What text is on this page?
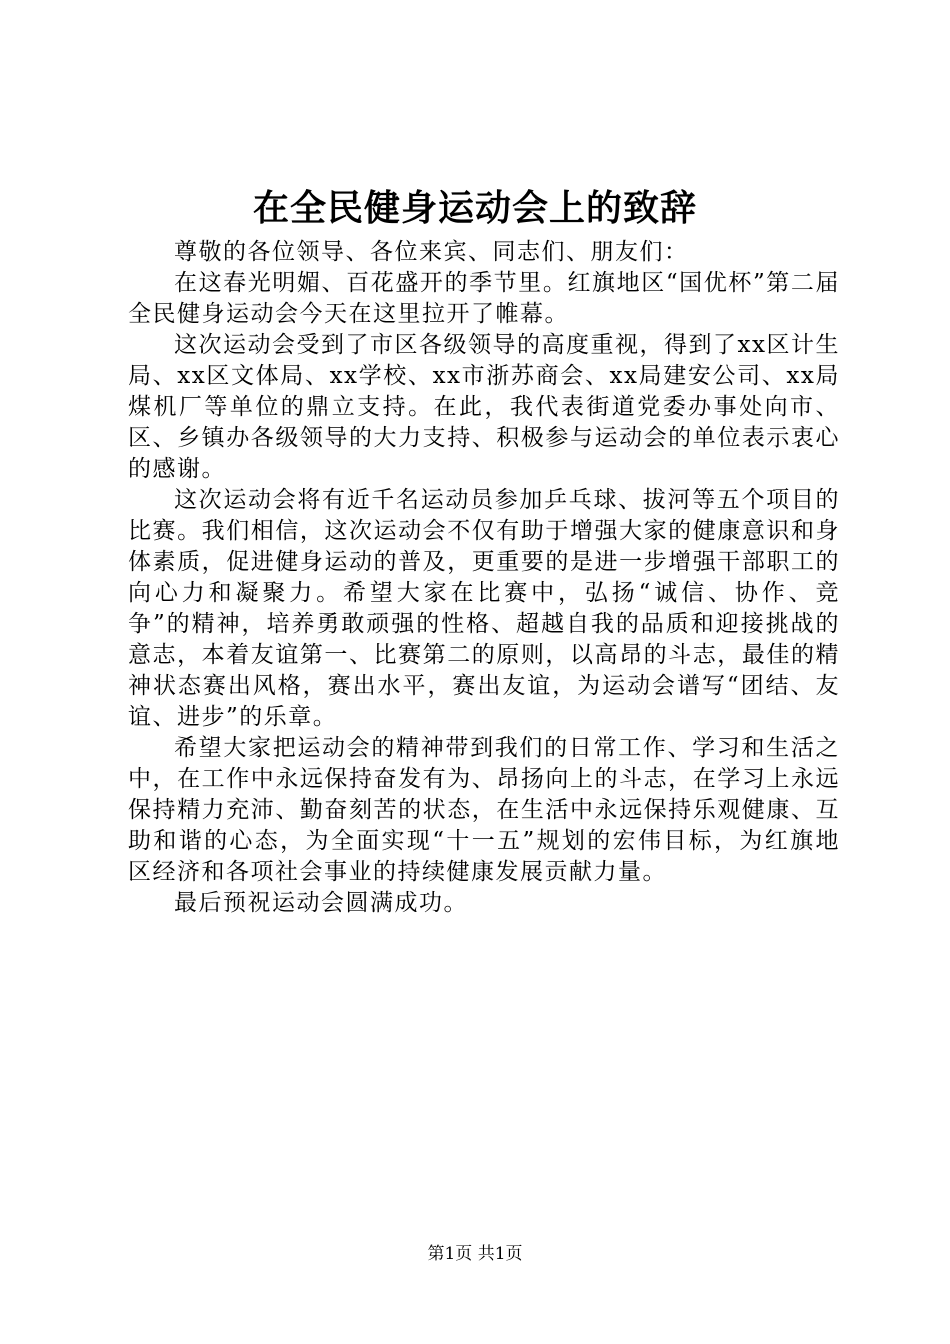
在全民健身运动会上的致辞

尊敬的各位领导、各位来宾、同志们、朋友们：

在这春光明媚、百花盛开的季节里。红旗地区“国优杯”第二届全民健身运动会今天在这里拉开了帷幕。

这次运动会受到了市区各级领导的高度重视，得到了xx区计生局、xx区文体局、xx学校、xx市浙苏商会、xx局建安公司、xx局煤机厂等单位的鼎立支持。在此，我代表街道党委办事处向市、区、乡镇办各级领导的大力支持、积极参与运动会的单位表示衷心的感谢。

这次运动会将有近千名运动员参加乒乓球、拔河等五个项目的比赛。我们相信，这次运动会不仅有助于增强大家的健康意识和身体素质，促进健身运动的普及，更重要的是进一步增强干部职工的向心力和凝聚力。希望大家在比赛中，弘扬“诚信、协作、竞争”的精神，培养勇敢顽强的性格、超越自我的品质和迎接挑战的意志，本着友谊第一、比赛第二的原则，以高昂的斗志，最佳的精神状态赛出风格，赛出水平，赛出友谊，为运动会谱写“团结、友谊、进步”的乐章。

希望大家把运动会的精神带到我们的日常工作、学习和生活之中，在工作中永远保持奋发有为、昂扬向上的斗志，在学习上永远保持精力充沛、勤奋刻苦的状态，在生活中永远保持乐观健康、互助和谐的心态，为全面实现“十一五”规划的宏伟目标，为红旗地区经济和各项社会事业的持续健康发展贡献力量。

最后预祝运动会圆满成功。

第1页 共1页
